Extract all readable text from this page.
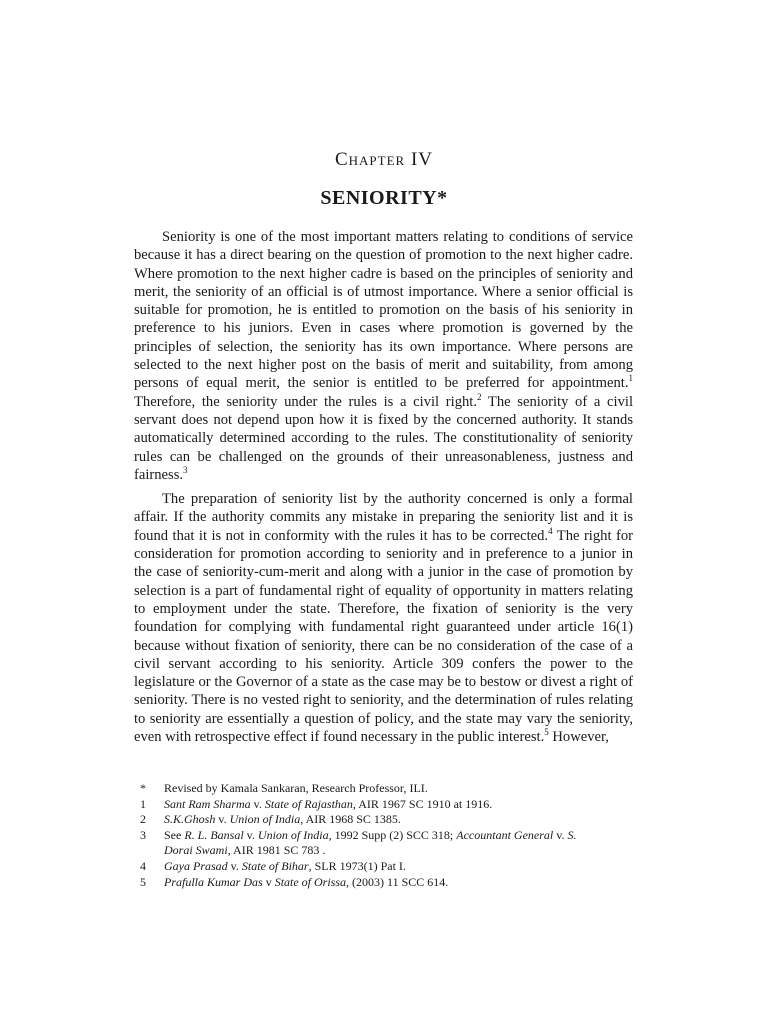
Chapter IV
SENIORITY*

Seniority is one of the most important matters relating to conditions of service because it has a direct bearing on the question of promotion to the next higher cadre. Where promotion to the next higher cadre is based on the principles of seniority and merit, the seniority of an official is of utmost importance. Where a senior official is suitable for promotion, he is entitled to promotion on the basis of his seniority in preference to his juniors. Even in cases where promotion is governed by the principles of selection, the seniority has its own importance. Where persons are selected to the next higher post on the basis of merit and suitability, from among persons of equal merit, the senior is entitled to be preferred for appointment.$^1$ Therefore, the seniority under the rules is a civil right.$^2$ The seniority of a civil servant does not depend upon how it is fixed by the concerned authority. It stands automatically determined according to the rules. The constitutionality of seniority rules can be challenged on the grounds of their unreasonableness, justness and fairness.$^3$

The preparation of seniority list by the authority concerned is only a formal affair. If the authority commits any mistake in preparing the seniority list and it is found that it is not in conformity with the rules it has to be corrected.$^4$ The right for consideration for promotion according to seniority and in preference to a junior in the case of seniority-cum-merit and along with a junior in the case of promotion by selection is a part of fundamental right of equality of opportunity in matters relating to employment under the state. Therefore, the fixation of seniority is the very foundation for complying with fundamental right guaranteed under article 16(1) because without fixation of seniority, there can be no consideration of the case of a civil servant according to his seniority. Article 309 confers the power to the legislature or the Governor of a state as the case may be to bestow or divest a right of seniority. There is no vested right to seniority, and the determination of rules relating to seniority are essentially a question of policy, and the state may vary the seniority, even with retrospective effect if found necessary in the public interest.$^5$ However,

*	Revised by Kamala Sankaran, Research Professor, ILI.
1	Sant Ram Sharma v. State of Rajasthan, AIR 1967 SC 1910 at 1916.
2	S.K.Ghosh v. Union of India, AIR 1968 SC 1385.
3	See R. L. Bansal v. Union of India, 1992 Supp (2) SCC 318; Accountant General v. S.
Dorai Swami, AIR 1981 SC 783 .
4	Gaya Prasad v. State of Bihar, SLR 1973(1) Pat I.
5	Prafulla Kumar Das v State of Orissa, (2003) 11 SCC 614.
